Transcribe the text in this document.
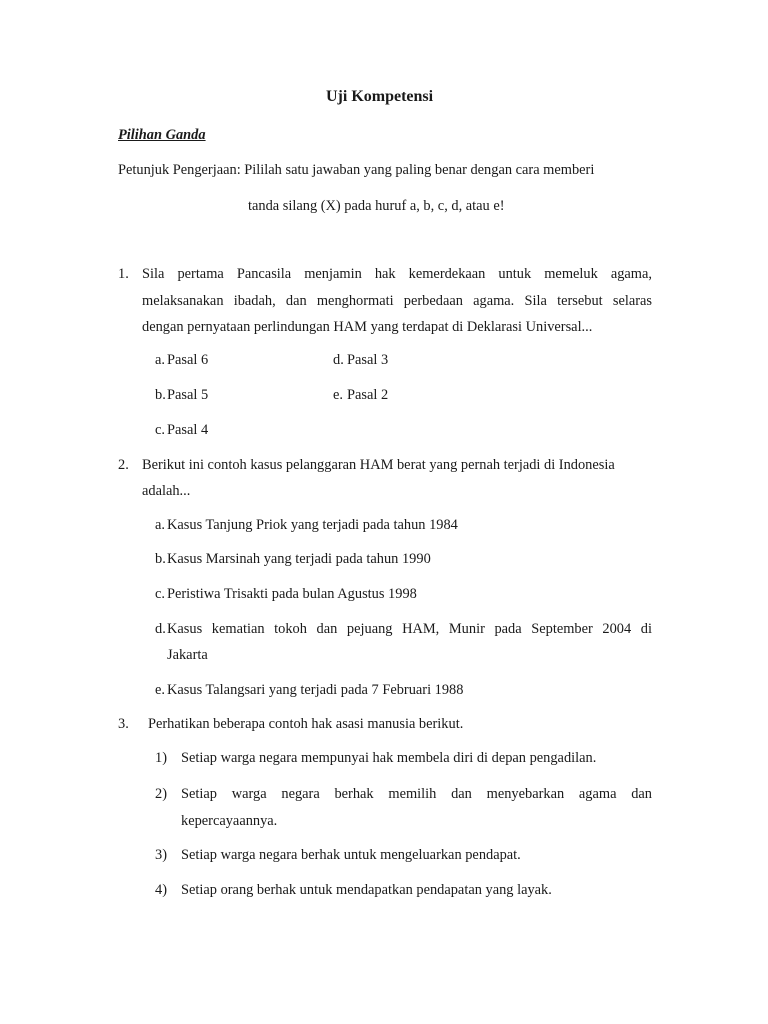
Uji Kompetensi
Pilihan Ganda
Petunjuk Pengerjaan: Pililah satu jawaban yang paling benar dengan cara memberi
tanda silang (X) pada huruf a, b, c, d, atau e!
1. Sila pertama Pancasila menjamin hak kemerdekaan untuk memeluk agama,
melaksanakan ibadah, dan menghormati perbedaan agama. Sila tersebut selaras
dengan pernyataan perlindungan HAM yang terdapat di Deklarasi Universal...
a. Pasal 6
b. Pasal 5
c. Pasal 4
d. Pasal 3
e. Pasal 2
2. Berikut ini contoh kasus pelanggaran HAM berat yang pernah terjadi di Indonesia
adalah...
a. Kasus Tanjung Priok yang terjadi pada tahun 1984
b. Kasus Marsinah yang terjadi pada tahun 1990
c. Peristiwa Trisakti pada bulan Agustus 1998
d. Kasus kematian tokoh dan pejuang HAM, Munir pada September 2004 di
Jakarta
e. Kasus Talangsari yang terjadi pada 7 Februari 1988
3. Perhatikan beberapa contoh hak asasi manusia berikut.
1) Setiap warga negara mempunyai hak membela diri di depan pengadilan.
2) Setiap warga negara berhak memilih dan menyebarkan agama dan
kepercayaannya.
3) Setiap warga negara berhak untuk mengeluarkan pendapat.
4) Setiap orang berhak untuk mendapatkan pendapatan yang layak.
